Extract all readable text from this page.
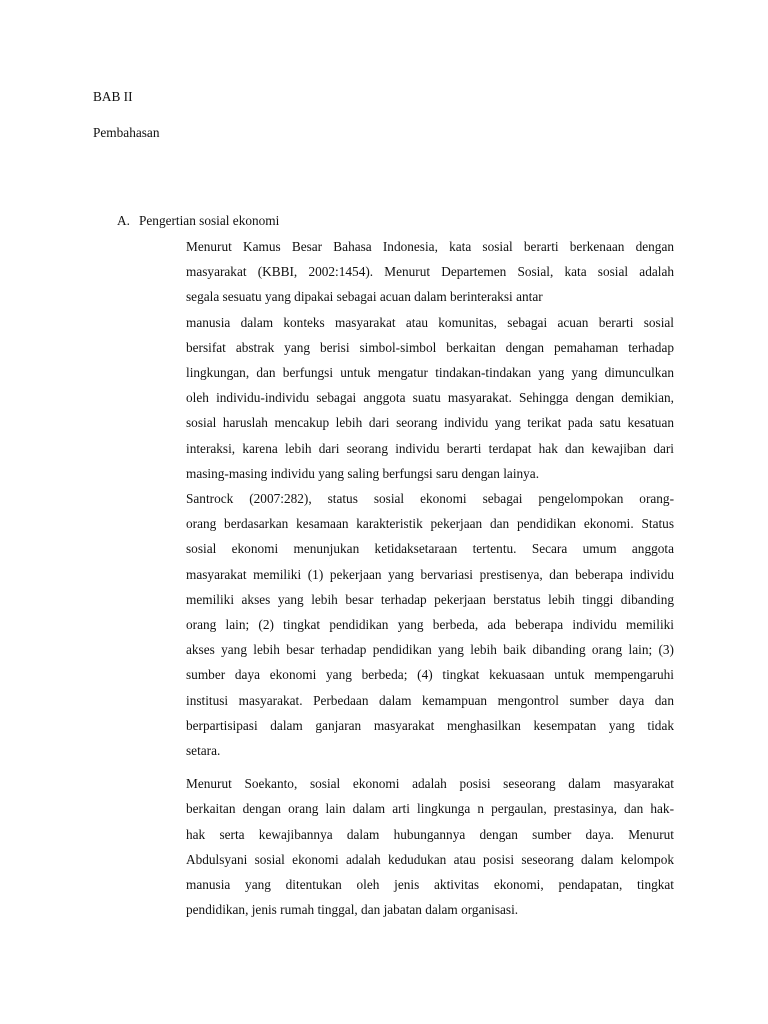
BAB II
Pembahasan
A. Pengertian sosial ekonomi
Menurut Kamus Besar Bahasa Indonesia, kata sosial berarti berkenaan dengan
masyarakat (KBBI, 2002:1454). Menurut Departemen Sosial, kata sosial adalah
segala sesuatu yang dipakai sebagai acuan dalam berinteraksi antar
manusia dalam konteks masyarakat atau komunitas, sebagai acuan berarti sosial
bersifat abstrak yang berisi simbol-simbol berkaitan dengan pemahaman terhadap
lingkungan, dan berfungsi untuk mengatur tindakan-tindakan yang yang dimunculkan
oleh individu-individu sebagai anggota suatu masyarakat. Sehingga dengan demikian,
sosial haruslah mencakup lebih dari seorang individu yang terikat pada satu kesatuan
interaksi, karena lebih dari seorang individu berarti terdapat hak dan kewajiban dari
masing-masing individu yang saling berfungsi saru dengan lainya.
Santrock (2007:282), status sosial ekonomi sebagai pengelompokan orang-
orang berdasarkan kesamaan karakteristik pekerjaan dan pendidikan ekonomi. Status
sosial ekonomi menunjukan ketidaksetaraan tertentu. Secara umum anggota
masyarakat memiliki (1) pekerjaan yang bervariasi prestisenya, dan beberapa individu
memiliki akses yang lebih besar terhadap pekerjaan berstatus lebih tinggi dibanding
orang lain; (2) tingkat pendidikan yang berbeda, ada beberapa individu memiliki
akses yang lebih besar terhadap pendidikan yang lebih baik dibanding orang lain; (3)
sumber daya ekonomi yang berbeda; (4) tingkat kekuasaan untuk mempengaruhi
institusi masyarakat. Perbedaan dalam kemampuan mengontrol sumber daya dan
berpartisipasi dalam ganjaran masyarakat menghasilkan kesempatan yang tidak
setara.
Menurut Soekanto, sosial ekonomi adalah posisi seseorang dalam masyarakat
berkaitan dengan orang lain dalam arti lingkunga n pergaulan, prestasinya, dan hak-
hak serta kewajibannya dalam hubungannya dengan sumber daya. Menurut
Abdulsyani sosial ekonomi adalah kedudukan atau posisi seseorang dalam kelompok
manusia yang ditentukan oleh jenis aktivitas ekonomi, pendapatan, tingkat
pendidikan, jenis rumah tinggal, dan jabatan dalam organisasi.
